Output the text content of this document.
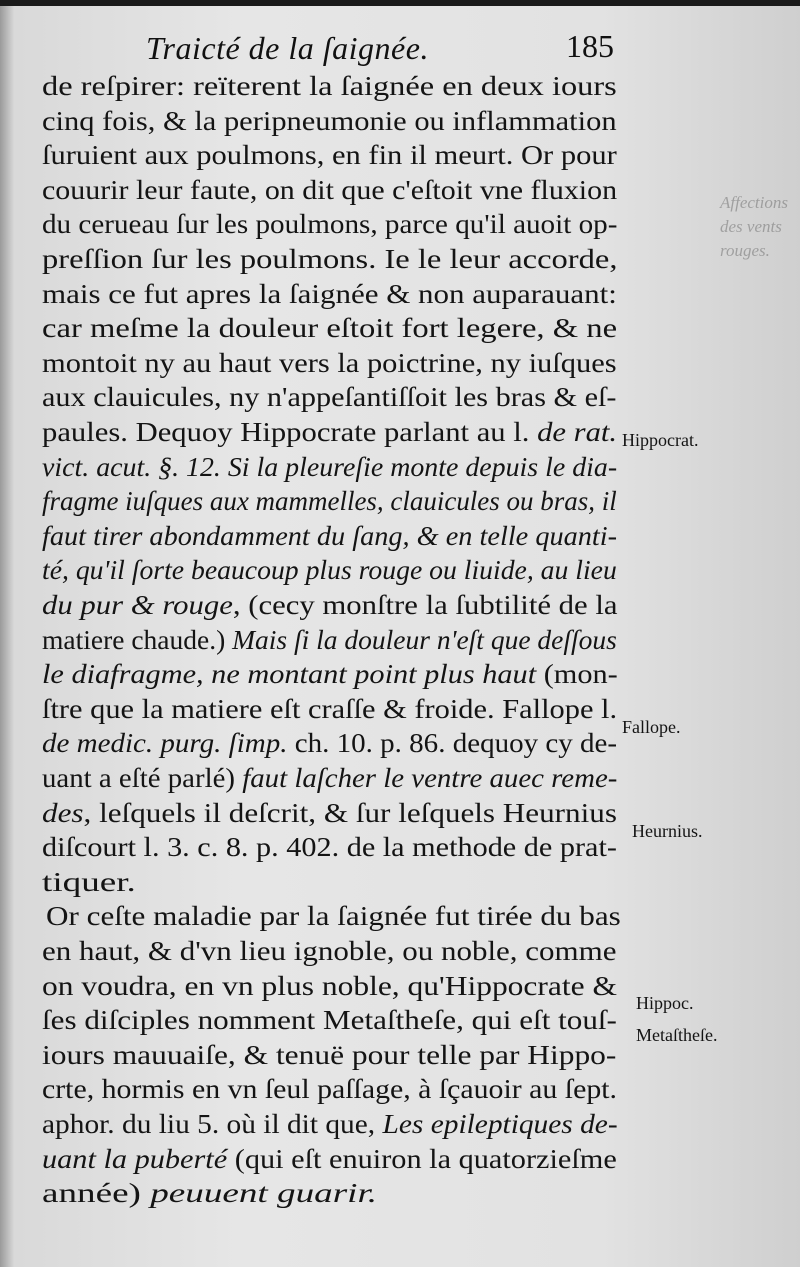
Traicté de la ſaignée.	185
Affections
des vents
rouges.
de reſpirer: reïterent la ſaignée en deux iours
cinq fois, & la peripneumonie ou inflammation
ſuruient aux poulmons, en fin il meurt. Or pour
couurir leur faute, on dit que c'eſtoit vne fluxion
du cerueau ſur les poulmons, parce qu'il auoit op-
preſſion ſur les poulmons. Ie le leur accorde,
mais ce fut apres la ſaignée & non auparauant:
car meſme la douleur eſtoit fort legere, & ne
montoit ny au haut vers la poictrine, ny iuſques
aux clauicules, ny n'appeſantiſſoit les bras & eſ-
paules. Dequoy Hippocrate parlant au l. de rat.
vict. acut. §. 12. Si la pleureſie monte depuis le dia-
fragme iuſques aux mammelles, clauicules ou bras, il
faut tirer abondamment du ſang, & en telle quanti-
té, qu'il ſorte beaucoup plus rouge ou liuide, au lieu
du pur & rouge, (cecy monſtre la ſubtilité de la
matiere chaude.) Mais ſi la douleur n'eſt que deſſous
le diafragme, ne montant point plus haut (mon-
ſtre que la matiere eſt craſſe & froide. Fallope l.
de medic. purg. ſimp. ch. 10. p. 86. dequoy cy de-
uant a eſté parlé) faut laſcher le ventre auec reme-
des, leſquels il deſcrit, & ſur leſquels Heurnius
diſcourt l. 3. c. 8. p. 402. de la methode de prat-
tiquer.
Or ceſte maladie par la ſaignée fut tirée du bas
en haut, & d'vn lieu ignoble, ou noble, comme
on voudra, en vn plus noble, qu'Hippocrate &
ſes diſciples nomment Metaſtheſe, qui eſt touſ-
iours mauuaiſe, & tenuë pour telle par Hippo-
crte, hormis en vn ſeul paſſage, à ſçauoir au ſept.
aphor. du liu 5. où il dit que, Les epileptiques de-
uant la puberté (qui eſt enuiron la quatorzieſme
année) peuuent guarir.
Hippocrat.
Fallope.
Heurnius.
Hippoc.
Metaſtheſe.
